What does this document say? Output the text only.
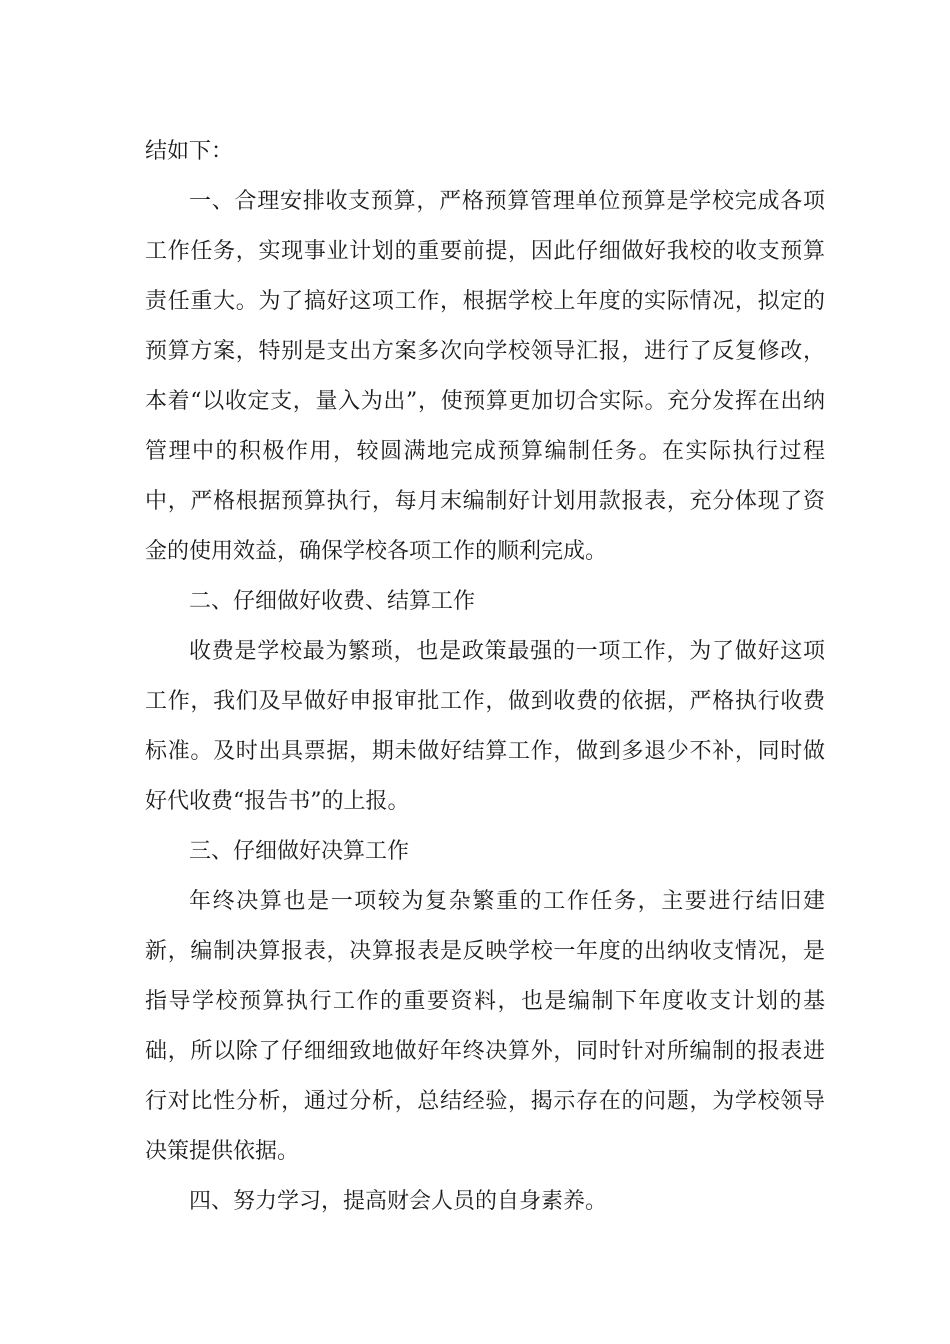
结如下：

一、合理安排收支预算，严格预算管理单位预算是学校完成各项工作任务，实现事业计划的重要前提，因此仔细做好我校的收支预算责任重大。为了搞好这项工作，根据学校上年度的实际情况，拟定的预算方案，特别是支出方案多次向学校领导汇报，进行了反复修改，本着“以收定支，量入为出”，使预算更加切合实际。充分发挥在出纳管理中的积极作用，较圆满地完成预算编制任务。在实际执行过程中，严格根据预算执行，每月末编制好计划用款报表，充分体现了资金的使用效益，确保学校各项工作的顺利完成。

二、仔细做好收费、结算工作

收费是学校最为繁琐，也是政策最强的一项工作，为了做好这项工作，我们及早做好申报审批工作，做到收费的依据，严格执行收费标准。及时出具票据，期未做好结算工作，做到多退少不补，同时做好代收费“报告书”的上报。

三、仔细做好决算工作

年终决算也是一项较为复杂繁重的工作任务，主要进行结旧建新，编制决算报表，决算报表是反映学校一年度的出纳收支情况，是指导学校预算执行工作的重要资料，也是编制下年度收支计划的基础，所以除了仔细细致地做好年终决算外，同时针对所编制的报表进行对比性分析，通过分析，总结经验，揭示存在的问题，为学校领导决策提供依据。

四、努力学习，提高财会人员的自身素养。
